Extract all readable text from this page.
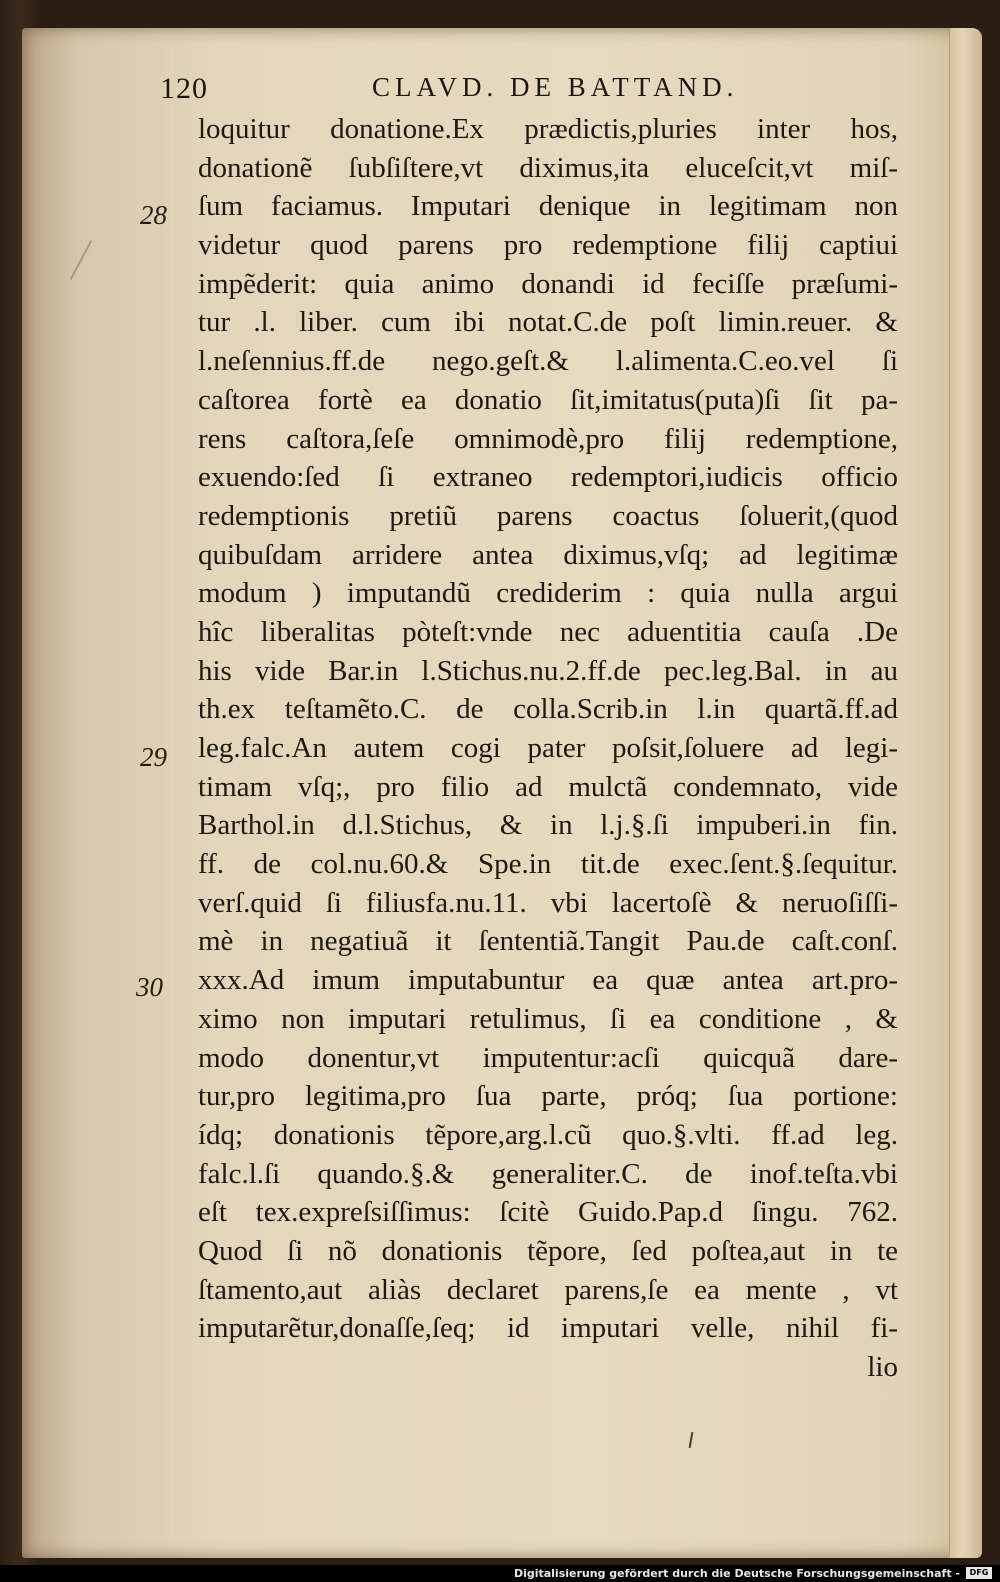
120	CLAVD. DE BATTAND.
28
29
30
loquitur donatione.Ex prædictis,pluries inter hos,
donationẽ ſubſiſtere,vt diximus,ita eluceſcit,vt miſ-
ſum faciamus. Imputari denique in legitimam non
videtur quod parens pro redemptione filij captiui
impẽderit: quia animo donandi id feciſſe præſumi-
tur .l. liber. cum ibi notat.C.de poſt limin.reuer. &
l.neſennius.ff.de nego.geſt.& l.alimenta.C.eo.vel ſi
caſtorea fortè ea donatio ſit,imitatus(puta)ſi ſit pa-
rens caſtora,ſeſe omnimodè,pro filij redemptione,
exuendo:ſed ſi extraneo redemptori,iudicis officio
redemptionis pretiũ parens coactus ſoluerit,(quod
quibuſdam arridere antea diximus,vſq; ad legitimæ
modum ) imputandũ crediderim : quia nulla argui
hîc liberalitas pòteſt:vnde nec aduentitia cauſa .De
his vide Bar.in l.Stichus.nu.2.ff.de pec.leg.Bal. in au
th.ex teſtamẽto.C. de colla.Scrib.in l.in quartã.ff.ad
leg.falc.An autem cogi pater poſsit,ſoluere ad legi-
timam vſq;, pro filio ad mulctã condemnato, vide
Barthol.in d.l.Stichus, & in l.j.§.ſi impuberi.in fin.
ff. de col.nu.60.& Spe.in tit.de exec.ſent.§.ſequitur.
verſ.quid ſi filiusfa.nu.11. vbi lacertoſè & neruoſiſſi-
mè in negatiuã it ſententiã.Tangit Pau.de caſt.conſ.
xxx.Ad imum imputabuntur ea quæ antea art.pro-
ximo non imputari retulimus, ſi ea conditione , &
modo donentur,vt imputentur:acſi quicquã dare-
tur,pro legitima,pro ſua parte, próq; ſua portione:
ídq; donationis tẽpore,arg.l.cũ quo.§.vlti. ff.ad leg.
falc.l.ſi quando.§.& generaliter.C. de inof.teſta.vbi
eſt tex.expreſsiſſimus: ſcitè Guido.Pap.d ſingu. 762.
Quod ſi nõ donationis tẽpore, ſed poſtea,aut in te
ſtamento,aut aliàs declaret parens,ſe ea mente , vt
imputarẽtur,donaſſe,ſeq; id imputari velle, nihil fi-
lio
Digitalisierung gefördert durch die Deutsche Forschungsgemeinschaft -	DFG
